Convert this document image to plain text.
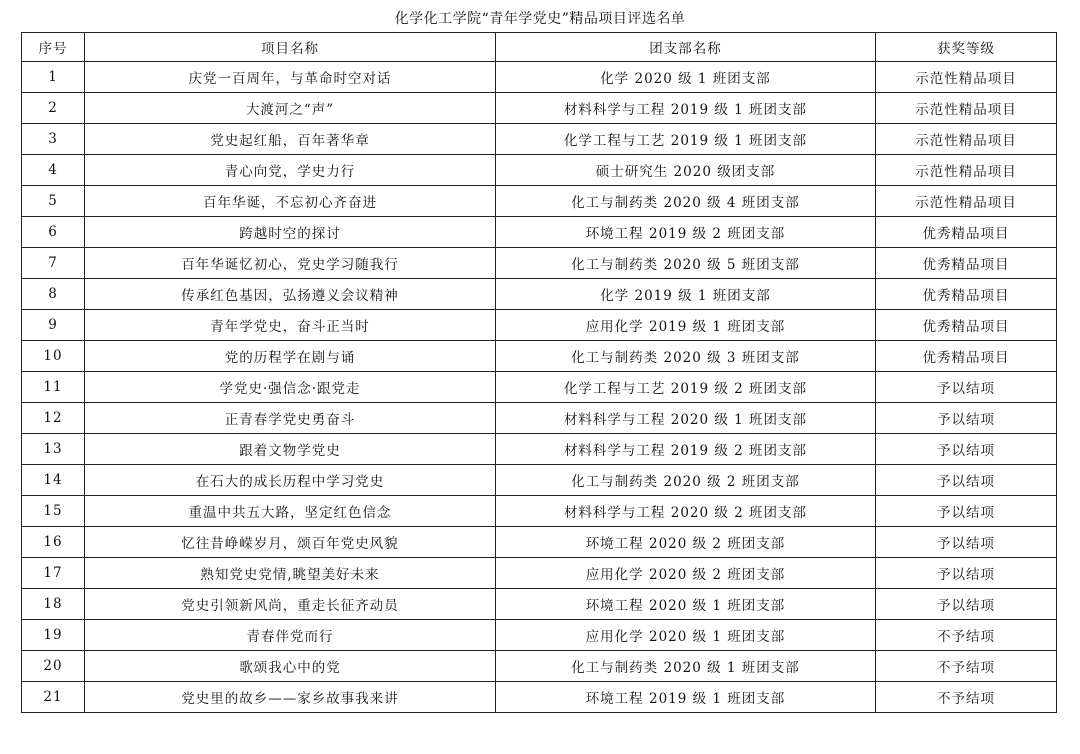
化学化工学院“青年学党史”精品项目评选名单
序号	项目名称	团支部名称	获奖等级
1	庆党一百周年，与革命时空对话	化学 2020 级 1 班团支部	示范性精品项目
2	大渡河之“声”	材料科学与工程 2019 级 1 班团支部	示范性精品项目
3	党史起红船，百年著华章	化学工程与工艺 2019 级 1 班团支部	示范性精品项目
4	青心向党，学史力行	硕士研究生 2020 级团支部	示范性精品项目
5	百年华诞，不忘初心齐奋进	化工与制药类 2020 级 4 班团支部	示范性精品项目
6	跨越时空的探讨	环境工程 2019 级 2 班团支部	优秀精品项目
7	百年华诞忆初心，党史学习随我行	化工与制药类 2020 级 5 班团支部	优秀精品项目
8	传承红色基因，弘扬遵义会议精神	化学 2019 级 1 班团支部	优秀精品项目
9	青年学党史，奋斗正当时	应用化学 2019 级 1 班团支部	优秀精品项目
10	党的历程学在剧与诵	化工与制药类 2020 级 3 班团支部	优秀精品项目
11	学党史·强信念·跟党走	化学工程与工艺 2019 级 2 班团支部	予以结项
12	正青春学党史勇奋斗	材料科学与工程 2020 级 1 班团支部	予以结项
13	跟着文物学党史	材料科学与工程 2019 级 2 班团支部	予以结项
14	在石大的成长历程中学习党史	化工与制药类 2020 级 2 班团支部	予以结项
15	重温中共五大路，坚定红色信念	材料科学与工程 2020 级 2 班团支部	予以结项
16	忆往昔峥嵘岁月，颂百年党史风貌	环境工程 2020 级 2 班团支部	予以结项
17	熟知党史党情,眺望美好未来	应用化学 2020 级 2 班团支部	予以结项
18	党史引领新风尚，重走长征齐动员	环境工程 2020 级 1 班团支部	予以结项
19	青春伴党而行	应用化学 2020 级 1 班团支部	不予结项
20	歌颂我心中的党	化工与制药类 2020 级 1 班团支部	不予结项
21	党史里的故乡——家乡故事我来讲	环境工程 2019 级 1 班团支部	不予结项
